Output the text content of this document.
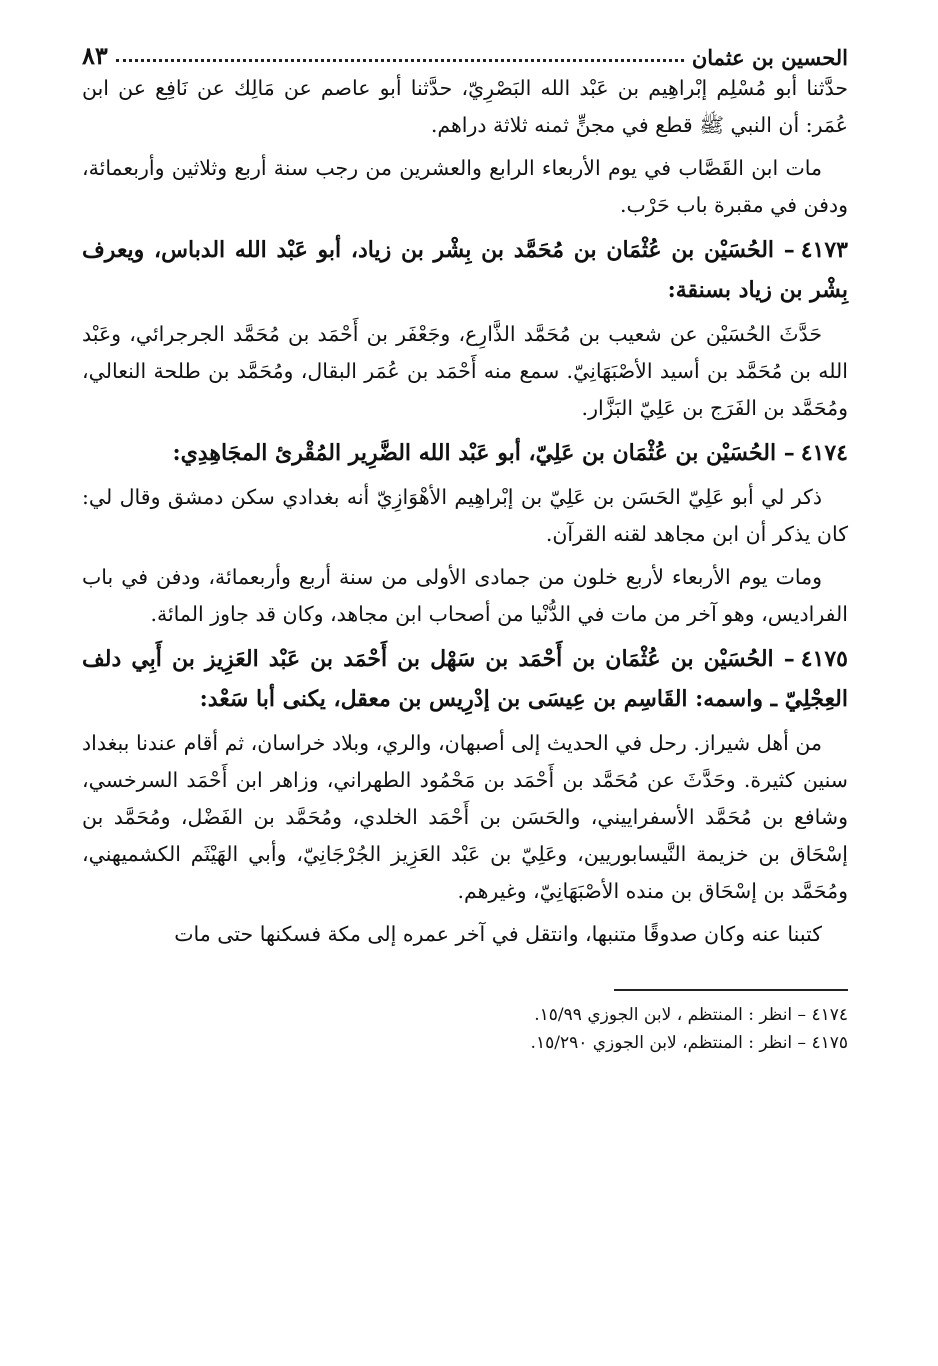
الحسين بن عثمان
٨٣

حدَّثنا أبو مُسْلِم إبْراهِيم بن عَبْد الله البَصْرِيّ، حدَّثنا أبو عاصم عن مَالِك عن نَافِع عن ابن عُمَر: أن النبي ﷺ قطع في مجنٍّ ثمنه ثلاثة دراهم.

مات ابن القَصَّاب في يوم الأربعاء الرابع والعشرين من رجب سنة أربع وثلاثين وأربعمائة، ودفن في مقبرة باب حَرْب.

٤١٧٣– الحُسَيْن بن عُثْمَان بن مُحَمَّد بن بِشْر بن زياد، أبو عَبْد الله الدباس، ويعرف بِشْر بن زياد بسنقة:

حَدَّثَ الحُسَيْن عن شعيب بن مُحَمَّد الذَّارِع، وجَعْفَر بن أَحْمَد بن مُحَمَّد الجرجرائي، وعَبْد الله بن مُحَمَّد بن أسيد الأصْبَهَانِيّ. سمع منه أَحْمَد بن عُمَر البقال، ومُحَمَّد بن طلحة النعالي، ومُحَمَّد بن الفَرَج بن عَلِيّ البَزَّار.

٤١٧٤– الحُسَيْن بن عُثْمَان بن عَلِيّ، أبو عَبْد الله الضَّرِير المُقْرئ المجَاهِدِي:

ذكر لي أبو عَلِيّ الحَسَن بن عَلِيّ بن إبْراهِيم الأهْوَازِيّ أنه بغدادي سكن دمشق وقال لي: كان يذكر أن ابن مجاهد لقنه القرآن.

ومات يوم الأربعاء لأربع خلون من جمادى الأولى من سنة أربع وأربعمائة، ودفن في باب الفراديس، وهو آخر من مات في الدُّنْيا من أصحاب ابن مجاهد، وكان قد جاوز المائة.

٤١٧٥– الحُسَيْن بن عُثْمَان بن أَحْمَد بن سَهْل بن أَحْمَد بن عَبْد العَزِيز بن أَبِي دلف العِجْلِيّ ـ واسمه: القَاسِم بن عِيسَى بن إدْرِيس بن معقل، يكنى أبا سَعْد:

من أهل شيراز. رحل في الحديث إلى أصبهان، والري، وبلاد خراسان، ثم أقام عندنا ببغداد سنين كثيرة. وحَدَّثَ عن مُحَمَّد بن أَحْمَد بن مَحْمُود الطهراني، وزاهر ابن أَحْمَد السرخسي، وشافع بن مُحَمَّد الأسفراييني، والحَسَن بن أَحْمَد الخلدي، ومُحَمَّد بن الفَضْل، ومُحَمَّد بن إسْحَاق بن خزيمة النَّيسابوريين، وعَلِيّ بن عَبْد العَزِيز الجُرْجَانِيّ، وأبي الهَيْثَم الكشميهني، ومُحَمَّد بن إسْحَاق بن منده الأصْبَهَانِيّ، وغيرهم.

كتبنا عنه وكان صدوقًا متنبها، وانتقل في آخر عمره إلى مكة فسكنها حتى مات

٤١٧٤ – انظر : المنتظم ، لابن الجوزي ١٥/٩٩.

٤١٧٥ – انظر : المنتظم، لابن الجوزي ١٥/٢٩٠.
